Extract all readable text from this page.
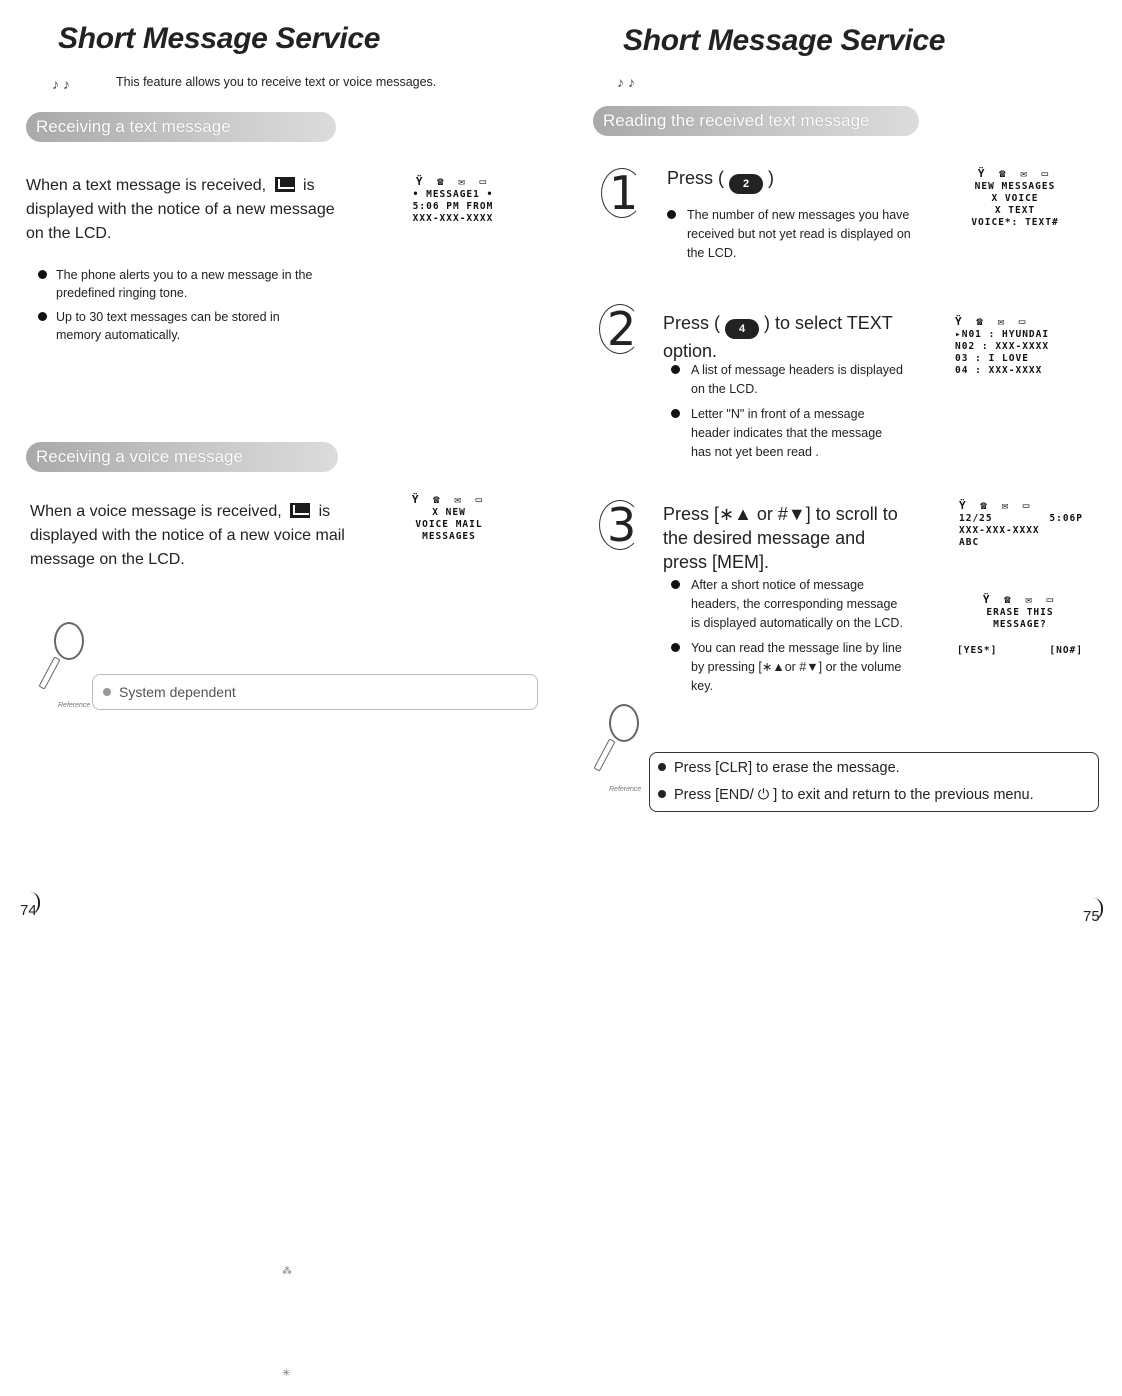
Short Message Service
♪ ♪	This feature allows you to receive text or voice messages.
Receiving a text message
When a text message is received, is displayed with the notice of a new message on the LCD.
Ÿ ☎ ✉ ▭
• MESSAGE1 •
5:06 PM FROM
XXX-XXX-XXXX
The phone alerts you to a new message in the predefined ringing tone.
Up to 30 text messages can be stored in memory automatically.
Receiving a voice message
When a voice message is received, is displayed with the notice of a new voice mail message on the LCD.
Ÿ ☎ ✉ ▭
X NEW
VOICE MAIL
MESSAGES
Reference
System dependent
74
⁂
✳
Short Message Service
♪ ♪
Reading the received text message
1 Press ( 2 )
The number of new messages you have received but not yet read is displayed on the LCD.
Ÿ ☎ ✉ ▭
NEW MESSAGES
X VOICE
X TEXT
VOICE*: TEXT#
2 Press ( 4 ) to select TEXT option.
A list of message headers is displayed on the LCD.
Letter "N" in front of a message header indicates that the message has not yet been read .
Ÿ ☎ ✉ ▭
▸N01 : HYUNDAI
N02 : XXX-XXXX
03 : I LOVE
04 : XXX-XXXX
3 Press [∗▲ or #▼] to scroll to the desired message and press [MEM].
After a short notice of message headers, the corresponding message is displayed automatically on the LCD.
You can read the message line by line by pressing [∗▲or #▼] or the volume key.
Ÿ ☎ ✉ ▭
12/25	5:06P
XXX-XXX-XXXX
ABC
Ÿ ☎ ✉ ▭
ERASE THIS
MESSAGE?
[YES*]	[NO#]
Reference
Press [CLR] to erase the message.
Press [END/ ⏻ ] to exit and return to the previous menu.
75
